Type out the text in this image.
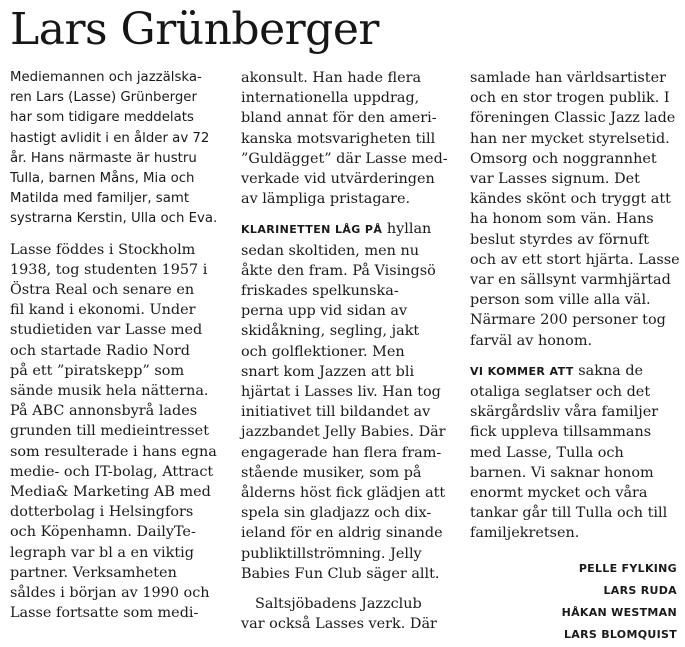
Lars Grünberger
Mediemannen och jazzälska-
ren Lars (Lasse) Grünberger
har som tidigare meddelats
hastigt avlidit i en ålder av 72
år. Hans närmaste är hustru
Tulla, barnen Måns, Mia och
Matilda med familjer, samt
systrarna Kerstin, Ulla och Eva.
Lasse föddes i Stockholm
1938, tog studenten 1957 i
Östra Real och senare en
fil kand i ekonomi. Under
studietiden var Lasse med
och startade Radio Nord
på ett ”piratskepp” som
sände musik hela nätterna.
På ABC annonsbyrå lades
grunden till medieintresset
som resulterade i hans egna
medie- och IT-bolag, Attract
Media& Marketing AB med
dotterbolag i Helsingfors
och Köpenhamn. DailyTe-
legraph var bl a en viktig
partner. Verksamheten
såldes i början av 1990 och
Lasse fortsatte som medi-
akonsult. Han hade flera
internationella uppdrag,
bland annat för den ameri-
kanska motsvarigheten till
”Guldägget” där Lasse med-
verkade vid utvärderingen
av lämpliga pristagare.
KLARINETTEN LÅG PÅ hyllan
sedan skoltiden, men nu
åkte den fram. På Visingsö
friskades spelkunska-
perna upp vid sidan av
skidåkning, segling, jakt
och golflektioner. Men
snart kom Jazzen att bli
hjärtat i Lasses liv. Han tog
initiativet till bildandet av
jazzbandet Jelly Babies. Där
engagerade han flera fram-
stående musiker, som på
ålderns höst fick glädjen att
spela sin gladjazz och dix-
ieland för en aldrig sinande
publiktillströmning. Jelly
Babies Fun Club säger allt.
Saltsjöbadens Jazzclub
var också Lasses verk. Där
samlade han världsartister
och en stor trogen publik. I
föreningen Classic Jazz lade
han ner mycket styrelsetid.
Omsorg och noggrannhet
var Lasses signum. Det
kändes skönt och tryggt att
ha honom som vän. Hans
beslut styrdes av förnuft
och av ett stort hjärta. Lasse
var en sällsynt varmhjärtad
person som ville alla väl.
Närmare 200 personer tog
farväl av honom.
VI KOMMER ATT sakna de
otaliga seglatser och det
skärgårdsliv våra familjer
fick uppleva tillsammans
med Lasse, Tulla och
barnen. Vi saknar honom
enormt mycket och våra
tankar går till Tulla och till
familjekretsen.
PELLE FYLKING
LARS RUDA
HÅKAN WESTMAN
LARS BLOMQUIST
